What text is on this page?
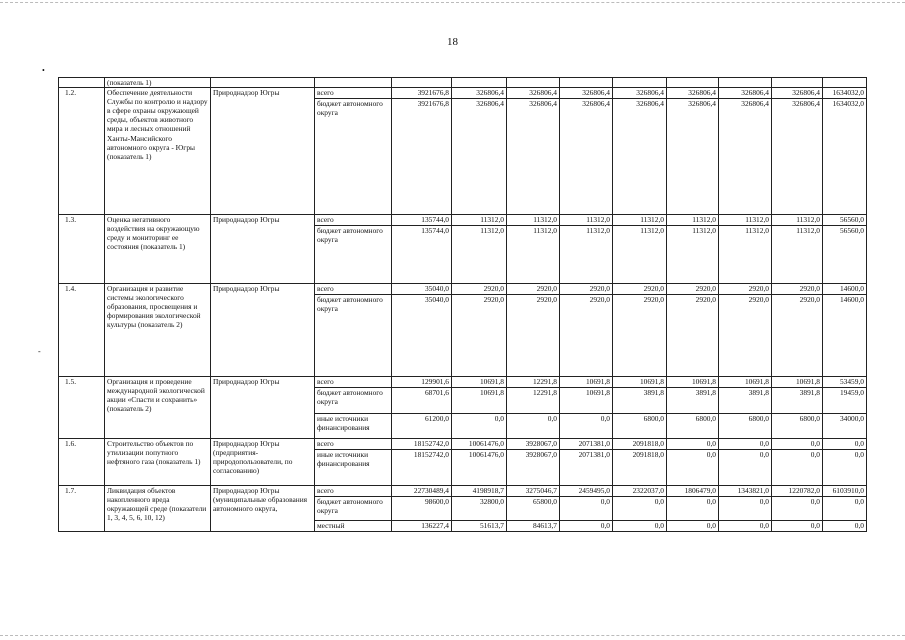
18
•
-
	(показатель 1)											
1.2.	Обеспечение деятельности Службы по контролю и надзору в сфере охраны окружающей среды, объектов животного мира и лесных отношений Ханты-Мансийского автономного округа - Югры (показатель 1)	Природнадзор Югры	всего	3921676,8	326806,4	326806,4	326806,4	326806,4	326806,4	326806,4	326806,4	1634032,0
			бюджет автономного округа	3921676,8	326806,4	326806,4	326806,4	326806,4	326806,4	326806,4	326806,4	1634032,0
1.3.	Оценка негативного воздействия на окружающую среду и мониторинг ее состояния (показатель 1)	Природнадзор Югры	всего	135744,0	11312,0	11312,0	11312,0	11312,0	11312,0	11312,0	11312,0	56560,0
			бюджет автономного округа	135744,0	11312,0	11312,0	11312,0	11312,0	11312,0	11312,0	11312,0	56560,0
1.4.	Организация и развитие системы экологического образования, просвещения и формирования экологической культуры (показатель 2)	Природнадзор Югры	всего	35040,0	2920,0	2920,0	2920,0	2920,0	2920,0	2920,0	2920,0	14600,0
			бюджет автономного округа	35040,0	2920,0	2920,0	2920,0	2920,0	2920,0	2920,0	2920,0	14600,0
1.5.	Организация и проведение международной экологической акции «Спасти и сохранить» (показатель 2)	Природнадзор Югры	всего	129901,6	10691,8	12291,8	10691,8	10691,8	10691,8	10691,8	10691,8	53459,0
			бюджет автономного округа	68701,6	10691,8	12291,8	10691,8	3891,8	3891,8	3891,8	3891,8	19459,0
			иные источники финансирования	61200,0	0,0	0,0	0,0	6800,0	6800,0	6800,0	6800,0	34000,0
1.6.	Строительство объектов по утилизации попутного нефтяного газа (показатель 1)	Природнадзор Югры (предприятия-природопользователи, по согласованию)	всего	18152742,0	10061476,0	3928067,0	2071381,0	2091818,0	0,0	0,0	0,0	0,0
			иные источники финансирования	18152742,0	10061476,0	3928067,0	2071381,0	2091818,0	0,0	0,0	0,0	0,0
1.7.	Ликвидация объектов накопленного вреда окружающей среде (показатели 1, 3, 4, 5, 6, 10, 12)	Природнадзор Югры (муниципальные образования автономного округа,	всего	22730489,4	4198918,7	3275046,7	2459495,0	2322037,0	1806479,0	1343821,0	1220782,0	6103910,0
			бюджет автономного округа	98600,0	32800,0	65800,0	0,0	0,0	0,0	0,0	0,0	0,0
			местный	136227,4	51613,7	84613,7	0,0	0,0	0,0	0,0	0,0	0,0
